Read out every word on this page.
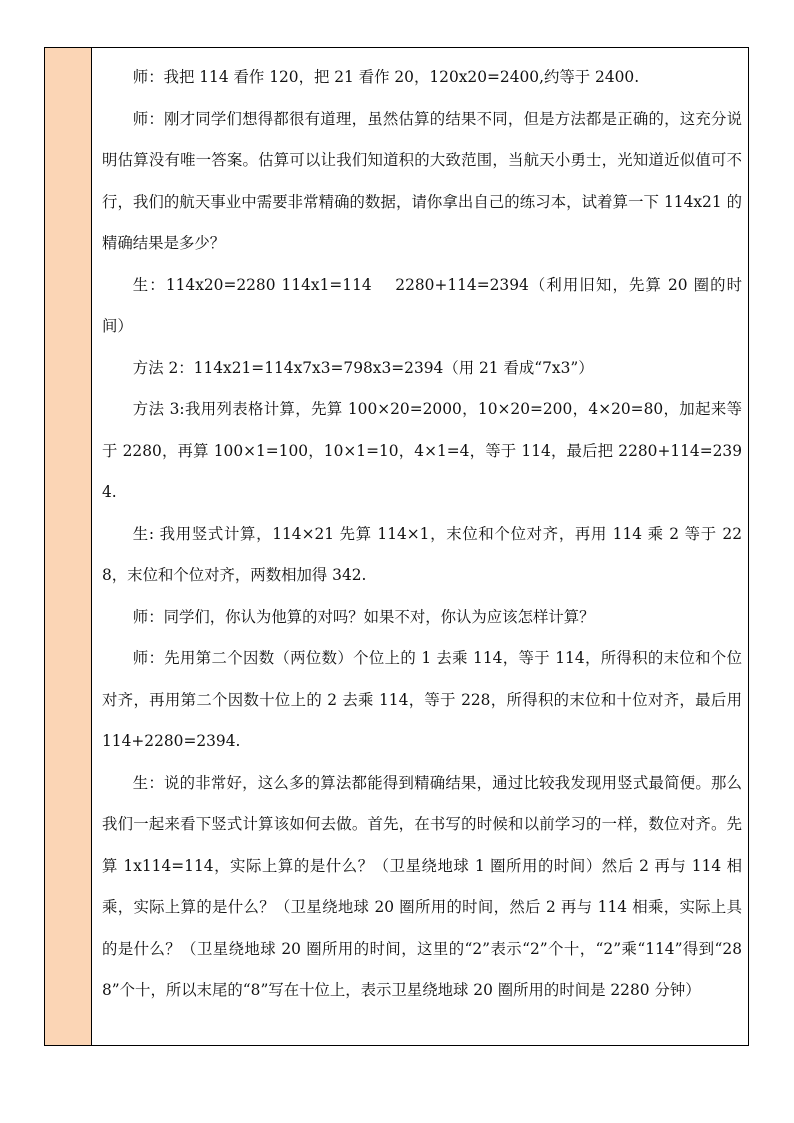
师：我把 114 看作 120，把 21 看作 20，120x20=2400,约等于 2400.

师：刚才同学们想得都很有道理，虽然估算的结果不同，但是方法都是正确的，这充分说明估算没有唯一答案。估算可以让我们知道积的大致范围，当航天小勇士，光知道近似值可不行，我们的航天事业中需要非常精确的数据，请你拿出自己的练习本，试着算一下 114x21 的精确结果是多少？

生：114x20=2280 114x1=114　 2280+114=2394（利用旧知，先算 20 圈的时间）

方法 2：114x21=114x7x3=798x3=2394（用 21 看成“7x3”）

方法 3:我用列表格计算，先算 100×20=2000，10×20=200，4×20=80，加起来等于 2280，再算 100×1=100，10×1=10，4×1=4，等于 114，最后把 2280+114=2394.

生: 我用竖式计算，114×21 先算 114×1，末位和个位对齐，再用 114 乘 2 等于 228，末位和个位对齐，两数相加得 342.

师：同学们，你认为他算的对吗？如果不对，你认为应该怎样计算？

师：先用第二个因数（两位数）个位上的 1 去乘 114，等于 114，所得积的末位和个位对齐，再用第二个因数十位上的 2 去乘 114，等于 228，所得积的末位和十位对齐，最后用 114+2280=2394.

生：说的非常好，这么多的算法都能得到精确结果，通过比较我发现用竖式最简便。那么我们一起来看下竖式计算该如何去做。首先，在书写的时候和以前学习的一样，数位对齐。先算 1x114=114，实际上算的是什么？（卫星绕地球 1 圈所用的时间）然后 2 再与 114 相乘，实际上算的是什么？（卫星绕地球 20 圈所用的时间，然后 2 再与 114 相乘，实际上具的是什么？（卫星绕地球 20 圈所用的时间，这里的“2”表示“2”个十，“2”乘“114”得到“288”个十，所以末尾的“8”写在十位上，表示卫星绕地球 20 圈所用的时间是 2280 分钟）
